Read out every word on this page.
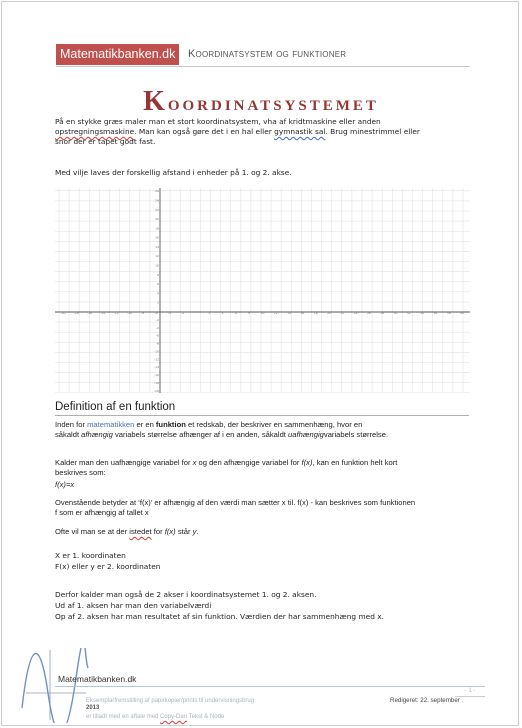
Matematikbanken.dk	Koordinatsystem og funktioner
Koordinatsystemet

På en stykke græs maler man et stort koordinatsystem, vha af kridtmaskine eller anden

opstregningsmaskine. Man kan også gøre det i en hal eller gymnastik sal. Brug minestrimmel eller

snor der er tapet godt fast.

Med vilje laves der forskellig afstand i enheder på 1. og 2. akse.

-20	-18	-16	-14	-12	-10	-8	-6	-4	-2	2	4	6	8	10	12	14	16	18	20	22	24	26	28	30	32	34	36	38	40
2
4
6
8
10
12
14
16
18
20
22
24
26
-2
-4
-6
-8
-10
-12
-14
-16
-18
-20
Definition af en funktion

Inden for matematikken er en funktion et redskab, der beskriver en sammenhæng, hvor en

såkaldt afhængig variabels størrelse afhænger af i en anden, såkaldt uafhængigvariabels størrelse.

Kalder man den uafhængige variabel for x og den afhængige variabel for f(x), kan en funktion helt kort

beskrives som:

f(x)=x

Ovenstående betyder at ‘f(x)’ er afhængig af den værdi man sætter x til. f(x) - kan beskrives som funktionen

f som er afhængig af tallet x

Ofte vil man se at der istedet for f(x) står y.

X er 1. koordinaten

F(x) eller y er 2. koordinaten

Derfor kalder man også de 2 akser i koordinatsystemet 1. og 2. aksen.

Ud af 1. aksen har man den variabelværdi

Op af 2. aksen har man resultatet af sin funktion. Værdien der har sammenhæng med x.

Matematikbanken.dk
- 1 -
Eksemplarfremstilling af papirkopier/prints til undervisningsbrug
2013
er tilladt med en aftale med Copy-Dan Tekst & Node
Redigeret: 22. september
